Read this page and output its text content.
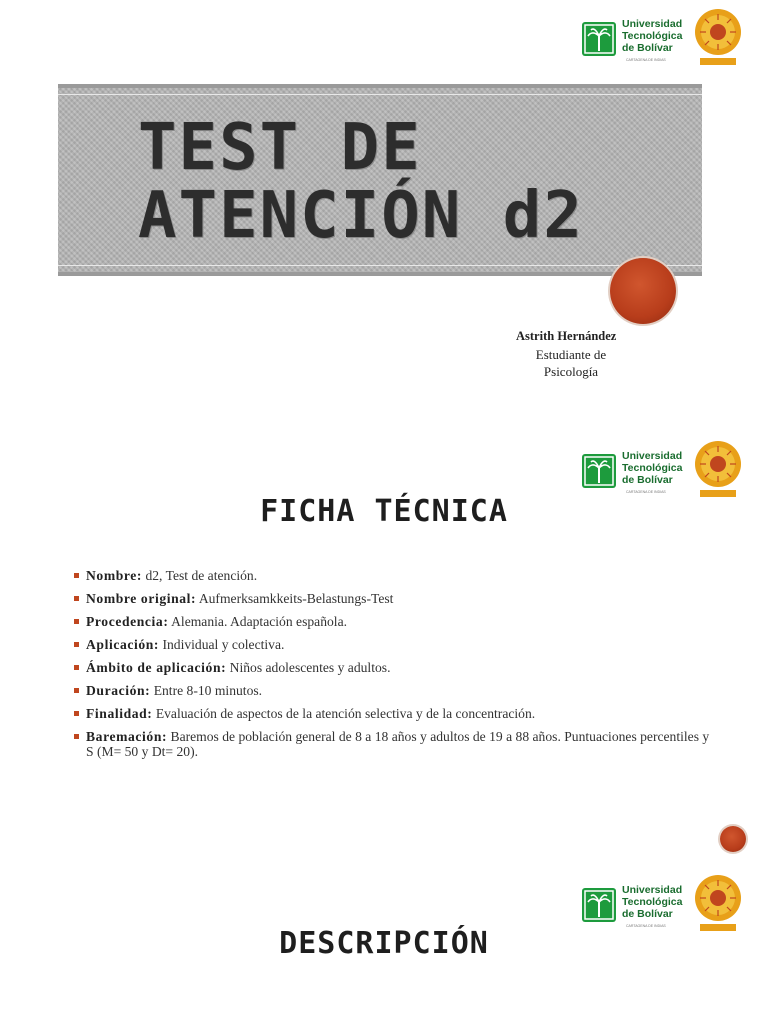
Universidad
Tecnológica
de Bolívar
CARTAGENA DE INDIAS
TEST DE
ATENCIÓN d2
Astrith Hernández
Estudiante de Psicología
Universidad
Tecnológica
de Bolívar
CARTAGENA DE INDIAS
FICHA TÉCNICA
Nombre: d2, Test de atención.
Nombre original: Aufmerksamkkeits-Belastungs-Test
Procedencia: Alemania. Adaptación española.
Aplicación: Individual y colectiva.
Ámbito de aplicación: Niños adolescentes y adultos.
Duración: Entre 8-10 minutos.
Finalidad: Evaluación de aspectos de la atención selectiva y de la concentración.
Baremación: Baremos de población general de 8 a 18 años y adultos de 19 a 88 años. Puntuaciones percentiles y S (M= 50 y Dt= 20).
Universidad
Tecnológica
de Bolívar
CARTAGENA DE INDIAS
DESCRIPCIÓN
